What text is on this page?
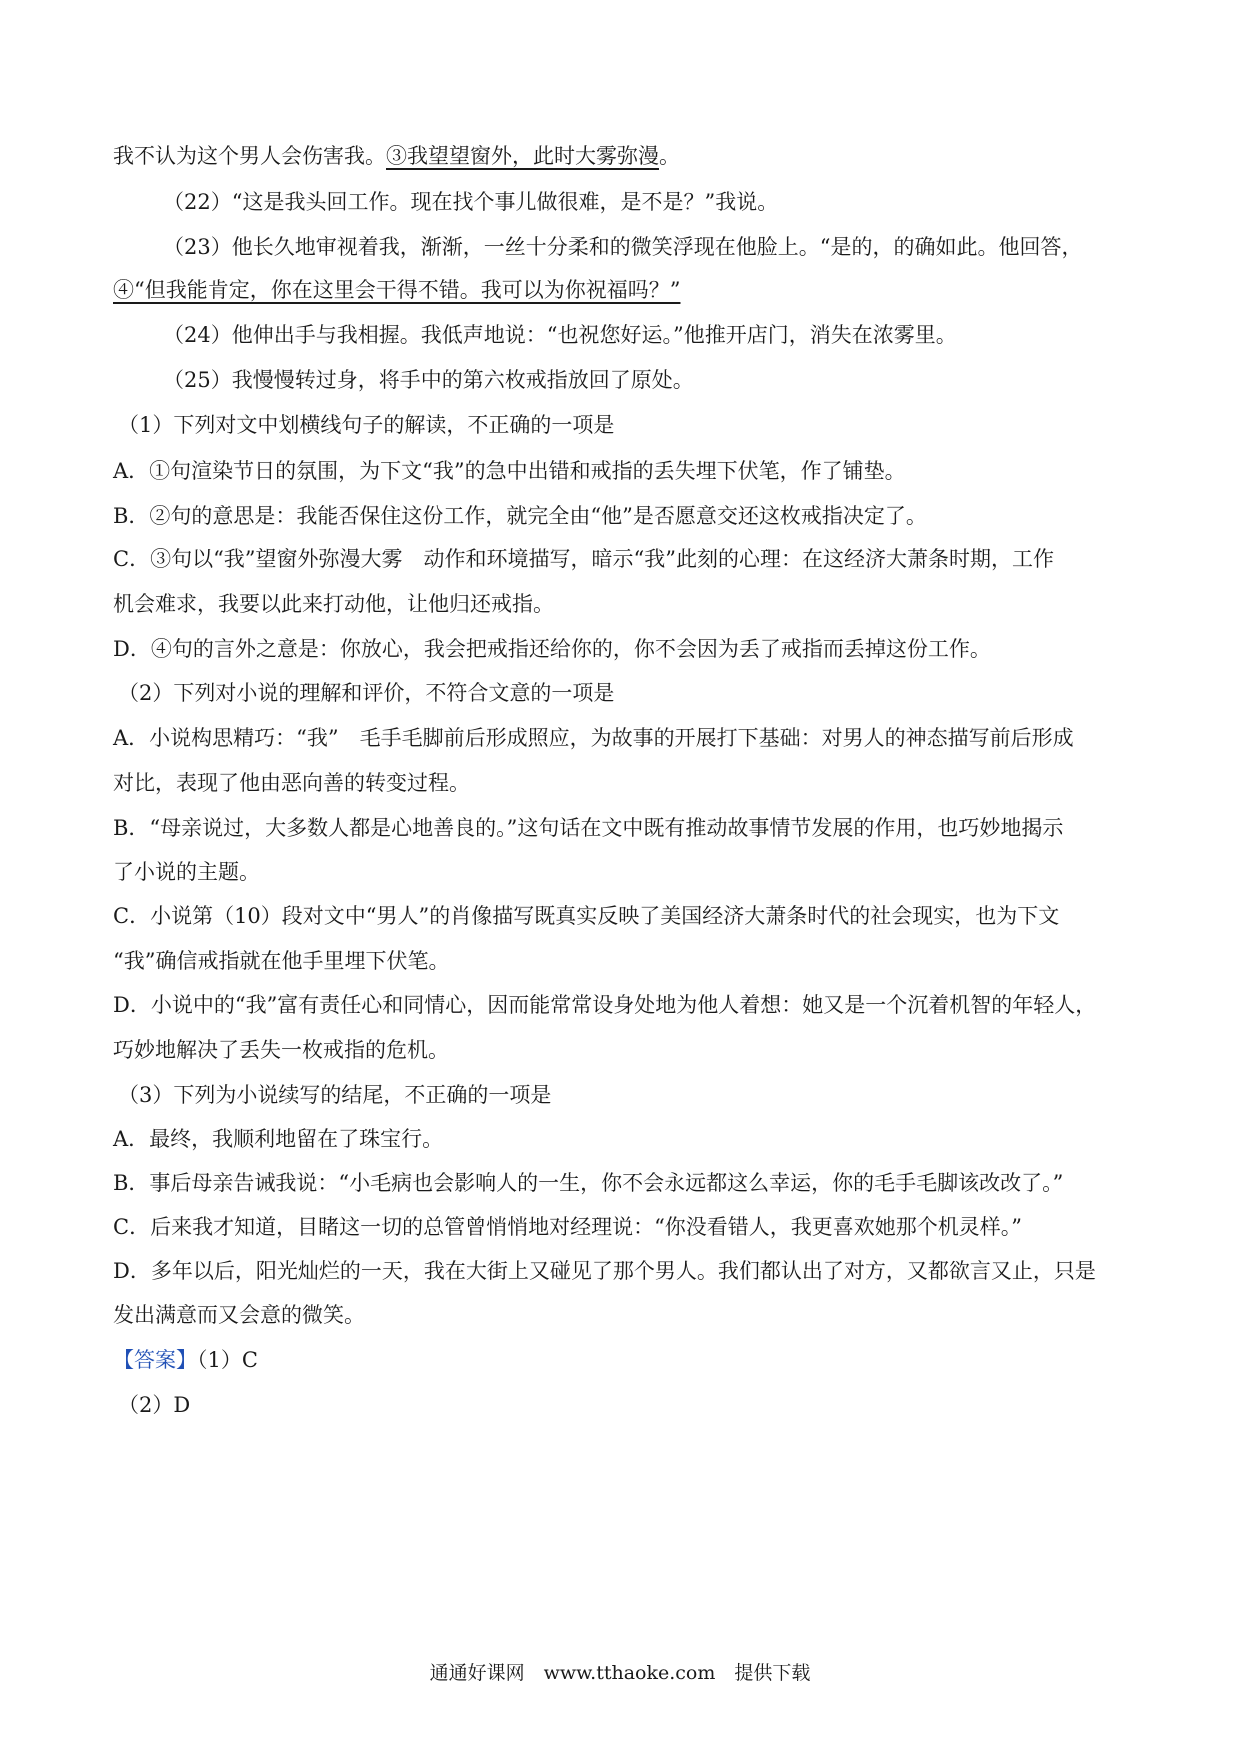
我不认为这个男人会伤害我。③我望望窗外，此时大雾弥漫。
（22）“这是我头回工作。现在找个事儿做很难，是不是？”我说。
（23）他长久地审视着我，渐渐，一丝十分柔和的微笑浮现在他脸上。“是的，的确如此。他回答，
④“但我能肯定，你在这里会干得不错。我可以为你祝福吗？”
（24）他伸出手与我相握。我低声地说：“也祝您好运。”他推开店门，消失在浓雾里。
（25）我慢慢转过身，将手中的第六枚戒指放回了原处。
（1）下列对文中划横线句子的解读，不正确的一项是
A．①句渲染节日的氛围，为下文“我”的急中出错和戒指的丢失埋下伏笔，作了铺垫。
B．②句的意思是：我能否保住这份工作，就完全由“他”是否愿意交还这枚戒指决定了。
C．③句以“我”望窗外弥漫大雾　动作和环境描写，暗示“我”此刻的心理：在这经济大萧条时期，工作
机会难求，我要以此来打动他，让他归还戒指。
D．④句的言外之意是：你放心，我会把戒指还给你的，你不会因为丢了戒指而丢掉这份工作。
（2）下列对小说的理解和评价，不符合文意的一项是
A．小说构思精巧：“我”　毛手毛脚前后形成照应，为故事的开展打下基础：对男人的神态描写前后形成
对比，表现了他由恶向善的转变过程。
B．“母亲说过，大多数人都是心地善良的。”这句话在文中既有推动故事情节发展的作用，也巧妙地揭示
了小说的主题。
C．小说第（10）段对文中“男人”的肖像描写既真实反映了美国经济大萧条时代的社会现实，也为下文
“我”确信戒指就在他手里埋下伏笔。
D．小说中的“我”富有责任心和同情心，因而能常常设身处地为他人着想：她又是一个沉着机智的年轻人，
巧妙地解决了丢失一枚戒指的危机。
（3）下列为小说续写的结尾，不正确的一项是
A．最终，我顺利地留在了珠宝行。
B．事后母亲告诫我说：“小毛病也会影响人的一生，你不会永远都这么幸运，你的毛手毛脚该改改了。”
C．后来我才知道，目睹这一切的总管曾悄悄地对经理说：“你没看错人，我更喜欢她那个机灵样。”
D．多年以后，阳光灿烂的一天，我在大街上又碰见了那个男人。我们都认出了对方，又都欲言又止，只是
发出满意而又会意的微笑。
【答案】（1）C
（2）D
通通好课网　www.tthaoke.com　提供下载
